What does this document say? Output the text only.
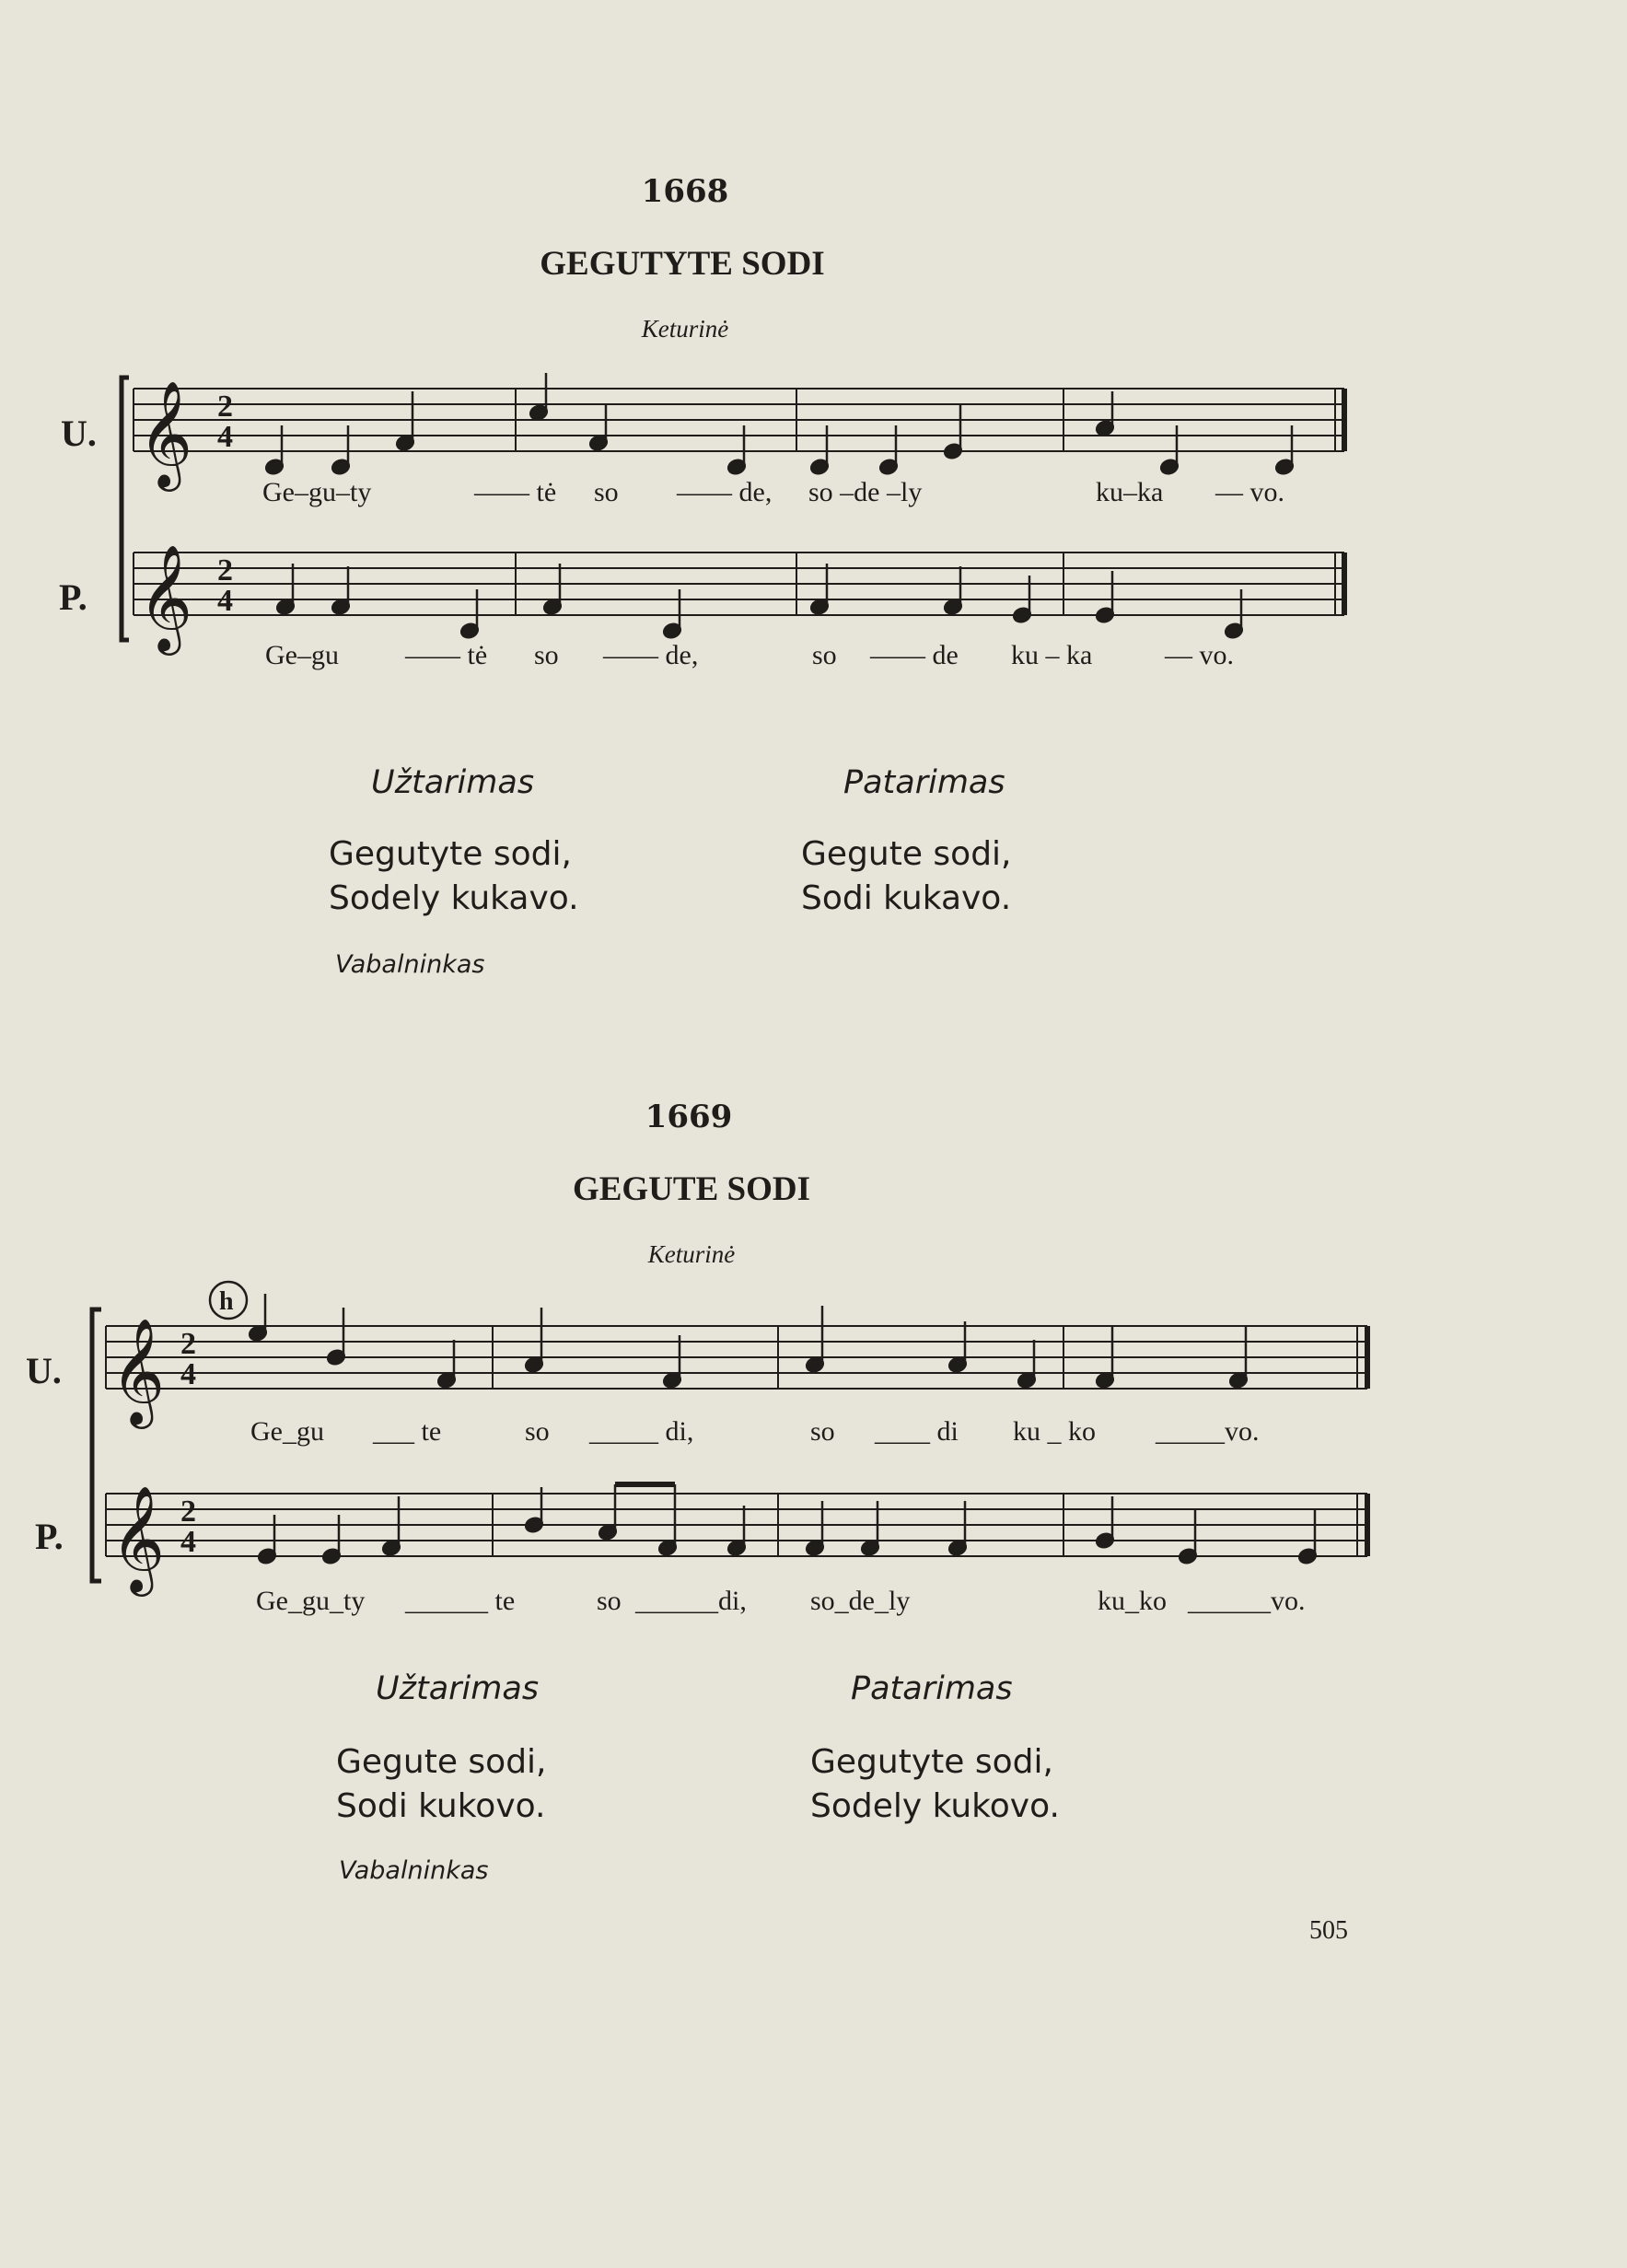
1668
GEGUTYTE SODI
Keturinė
U.
P.
𝄞
𝄞
2
4
2
4
h
𝄞
𝄞
2
4
2
4
Ge–gu–ty	—— tė so —— de, so –de –ly	ku–ka — vo.
Ge–gu —— tė so —— de,	so —— de ku – ka	— vo.
Užtarimas	Patarimas
Gegutyte sodi,
Sodely kukavo.
Gegute sodi,
Sodi kukavo.
Vabalninkas
1669
GEGUTE SODI
Keturinė
U.
P.
Ge_gu ___ te	so _____ di,	so ____ di ku _ ko _____vo.
Ge_gu_ty ______ te	so ______di, so_de_ly	ku_ko ______vo.
Užtarimas	Patarimas
Gegute sodi,
Sodi kukovo.
Gegutyte sodi,
Sodely kukovo.
Vabalninkas
505
